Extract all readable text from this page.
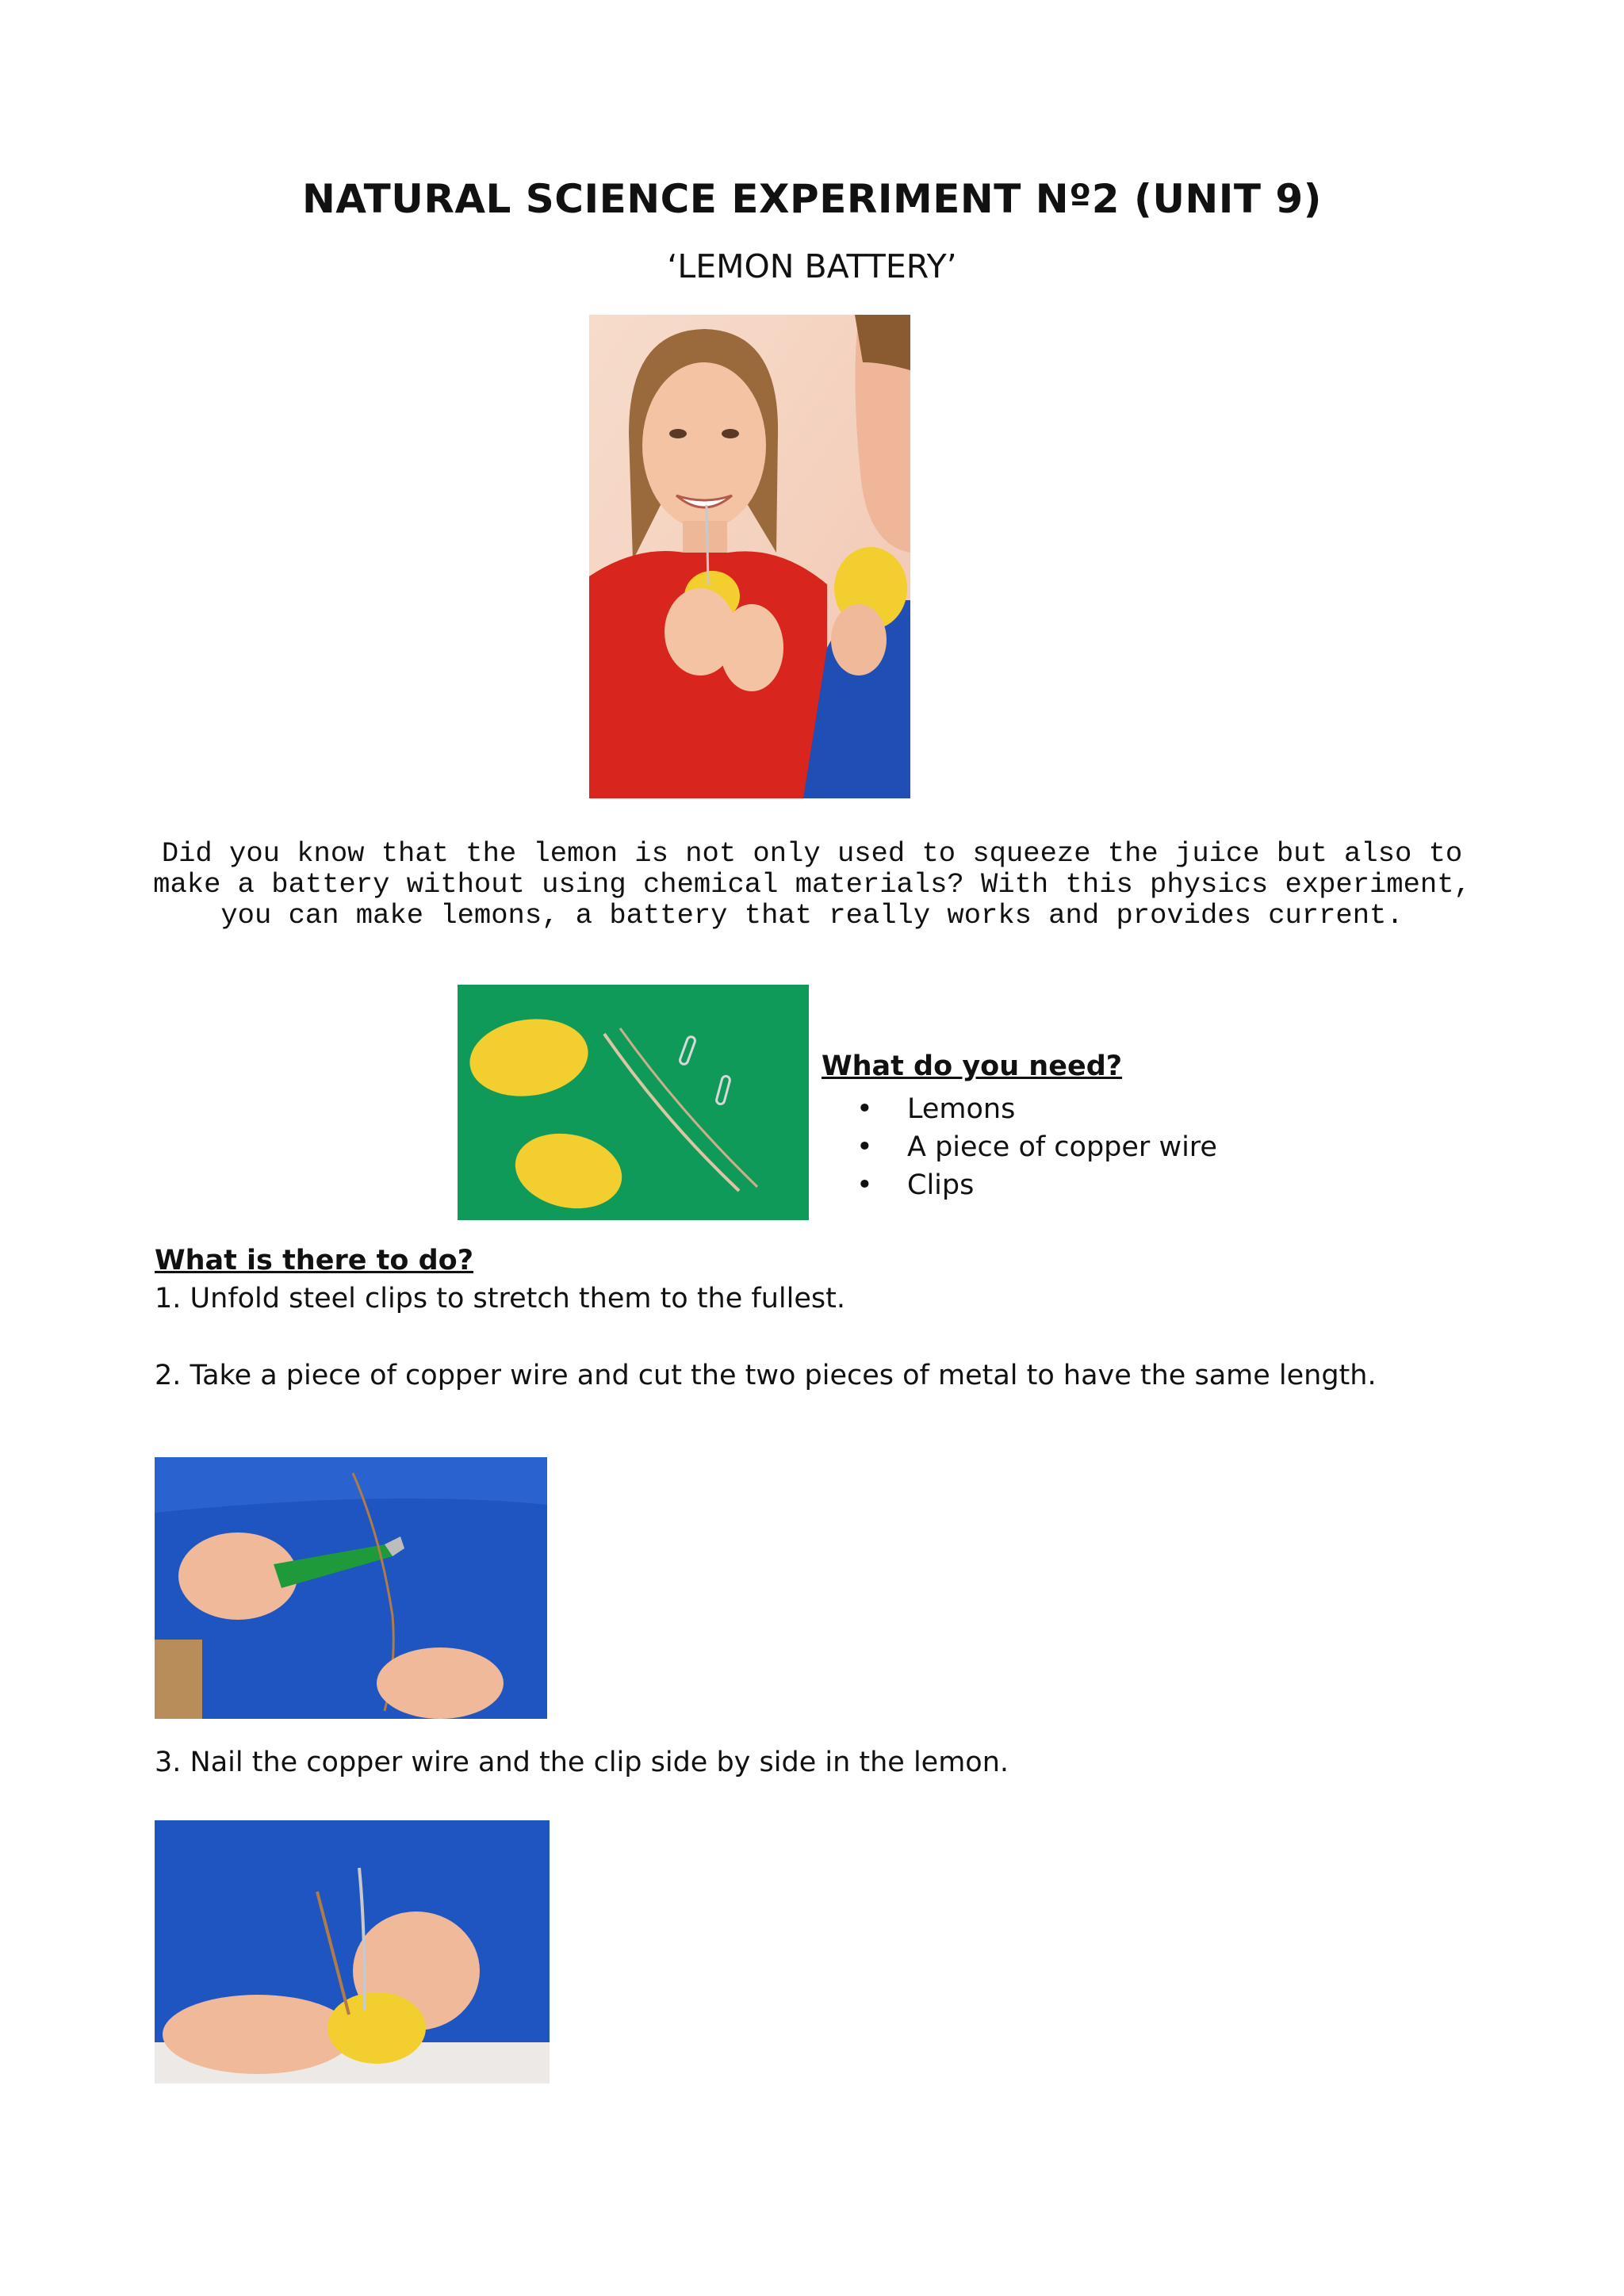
NATURAL SCIENCE EXPERIMENT Nº2 (UNIT 9)
‘LEMON BATTERY’
Did you know that the lemon is not only used to squeeze the juice but also to
make a battery without using chemical materials? With this physics experiment,
you can make lemons, a battery that really works and provides current.
What do you need?
• Lemons
• A piece of copper wire
• Clips
What is there to do?
1. Unfold steel clips to stretch them to the fullest.
2. Take a piece of copper wire and cut the two pieces of metal to have the same length.
3. Nail the copper wire and the clip side by side in the lemon.
